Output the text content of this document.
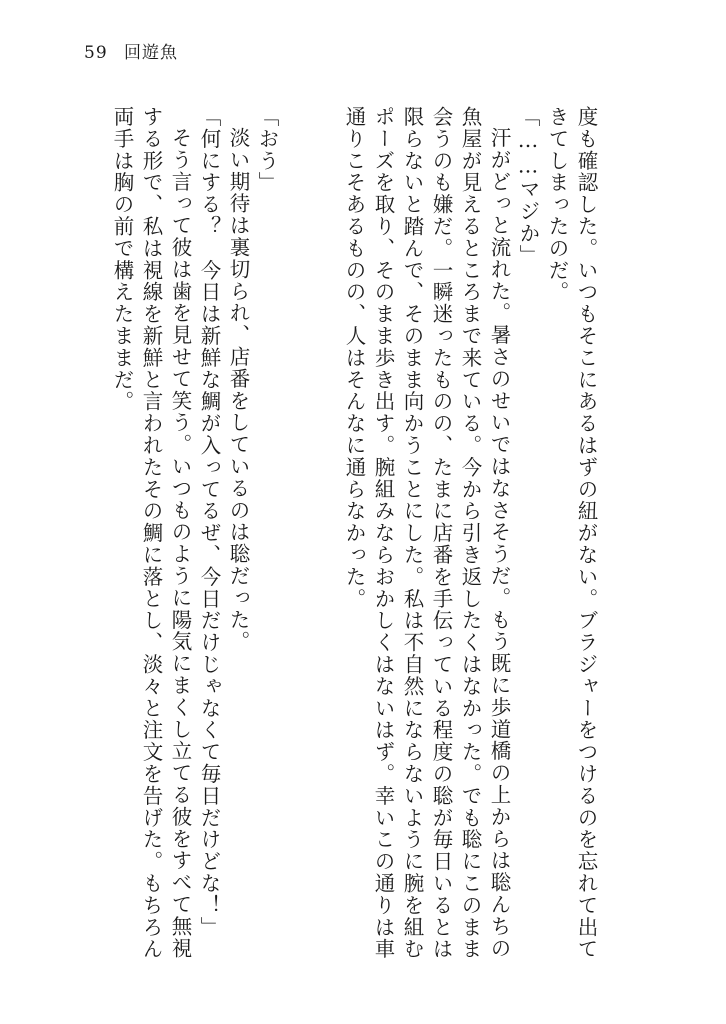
59 回遊魚
度も確認した。いつもそこにあるはずの紐がない。ブラジャーをつけるのを忘れて出て
きてしまったのだ。
「……マジか」
汗がどっと流れた。暑さのせいではなさそうだ。もう既に歩道橋の上からは聡んちの
魚屋が見えるところまで来ている。今から引き返したくはなかった。でも聡にこのまま
会うのも嫌だ。一瞬迷ったものの、たまに店番を手伝っている程度の聡が毎日いるとは
限らないと踏んで、そのまま向かうことにした。私は不自然にならないように腕を組む
ポーズを取り、そのまま歩き出す。腕組みならおかしくはないはず。幸いこの通りは車
通りこそあるものの、人はそんなに通らなかった。
「おう」
淡い期待は裏切られ、店番をしているのは聡だった。
「何にする？　今日は新鮮な鯛が入ってるぜ、今日だけじゃなくて毎日だけどな！」
そう言って彼は歯を見せて笑う。いつものように陽気にまくし立てる彼をすべて無視
する形で、私は視線を新鮮と言われたその鯛に落とし、淡々と注文を告げた。もちろん
両手は胸の前で構えたままだ。
